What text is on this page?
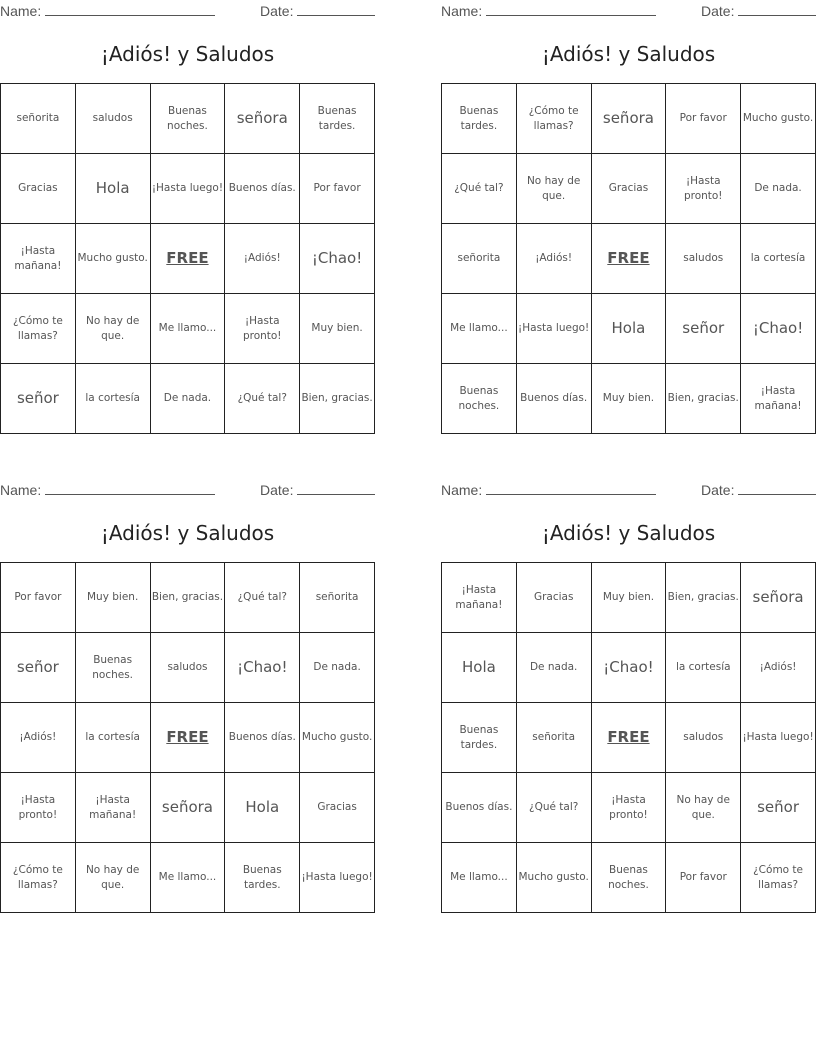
Name:	Date:
¡Adiós! y Saludos
señorita	saludos	Buenas noches.	señora	Buenas tardes.
Gracias	Hola	¡Hasta luego!	Buenos días.	Por favor
¡Hasta mañana!	Mucho gusto.	FREE	¡Adiós!	¡Chao!
¿Cómo te llamas?	No hay de que.	Me llamo...	¡Hasta pronto!	Muy bien.
señor	la cortesía	De nada.	¿Qué tal?	Bien, gracias.
Name:	Date:
¡Adiós! y Saludos
Buenas tardes.	¿Cómo te llamas?	señora	Por favor	Mucho gusto.
¿Qué tal?	No hay de que.	Gracias	¡Hasta pronto!	De nada.
señorita	¡Adiós!	FREE	saludos	la cortesía
Me llamo...	¡Hasta luego!	Hola	señor	¡Chao!
Buenas noches.	Buenos días.	Muy bien.	Bien, gracias.	¡Hasta mañana!
Name:	Date:
¡Adiós! y Saludos
Por favor	Muy bien.	Bien, gracias.	¿Qué tal?	señorita
señor	Buenas noches.	saludos	¡Chao!	De nada.
¡Adiós!	la cortesía	FREE	Buenos días.	Mucho gusto.
¡Hasta pronto!	¡Hasta mañana!	señora	Hola	Gracias
¿Cómo te llamas?	No hay de que.	Me llamo...	Buenas tardes.	¡Hasta luego!
Name:	Date:
¡Adiós! y Saludos
¡Hasta mañana!	Gracias	Muy bien.	Bien, gracias.	señora
Hola	De nada.	¡Chao!	la cortesía	¡Adiós!
Buenas tardes.	señorita	FREE	saludos	¡Hasta luego!
Buenos días.	¿Qué tal?	¡Hasta pronto!	No hay de que.	señor
Me llamo...	Mucho gusto.	Buenas noches.	Por favor	¿Cómo te llamas?
